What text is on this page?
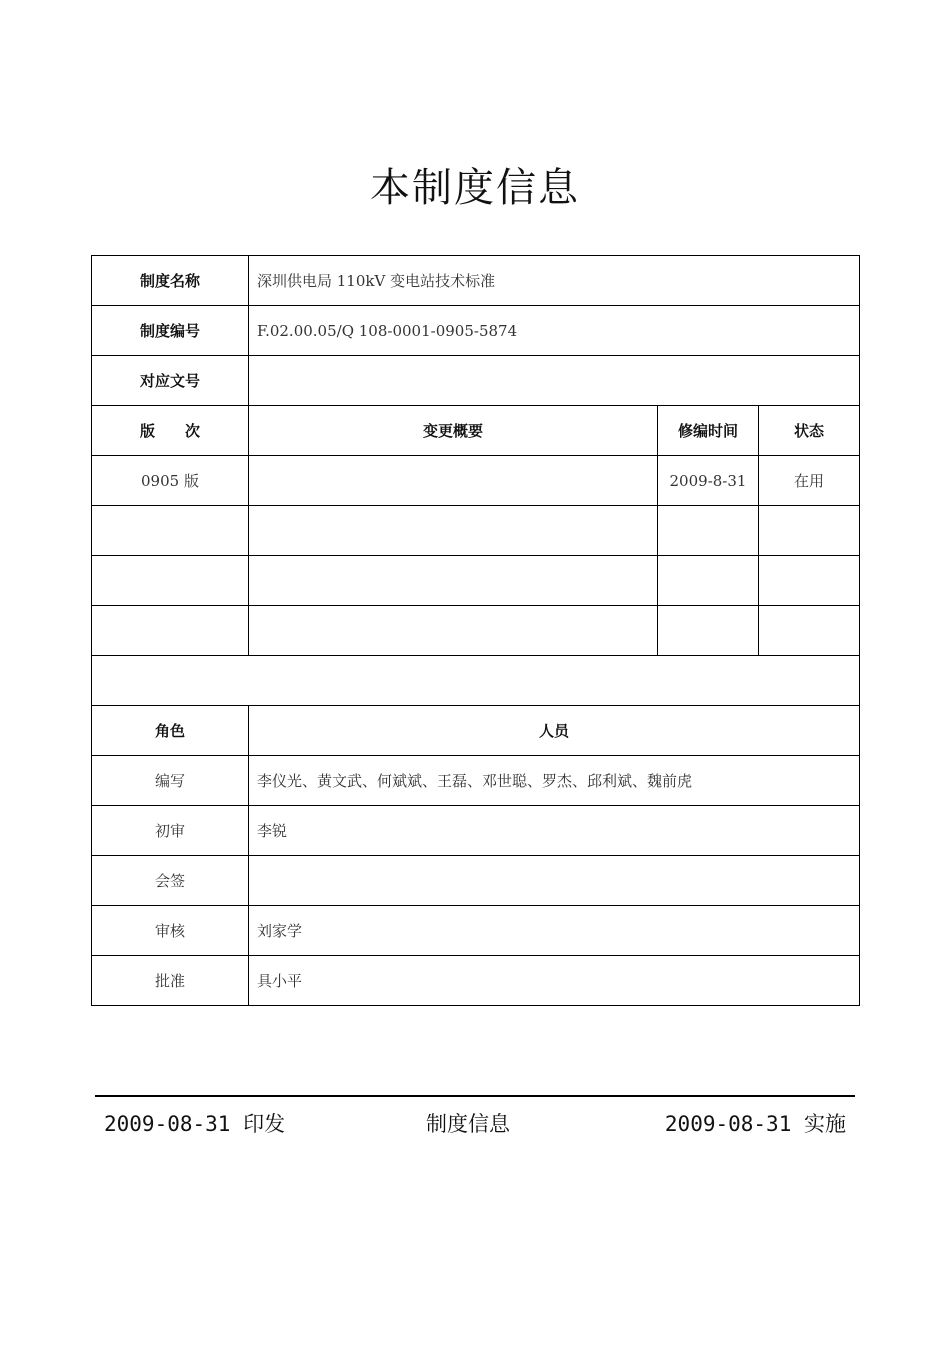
本制度信息
制度名称	深圳供电局 110kV 变电站技术标准		
制度编号	F.02.00.05/Q 108-0001-0905-5874		
对应文号			
版　　次	变更概要	修编时间	状态
0905 版		2009-8-31	在用

角色	人员		
编写	李仪光、黄文武、何斌斌、王磊、邓世聪、罗杰、邱利斌、魏前虎		
初审	李锐		
会签			
审核	刘家学		
批准	具小平		
2009-08-31 印发	制度信息	2009-08-31 实施
